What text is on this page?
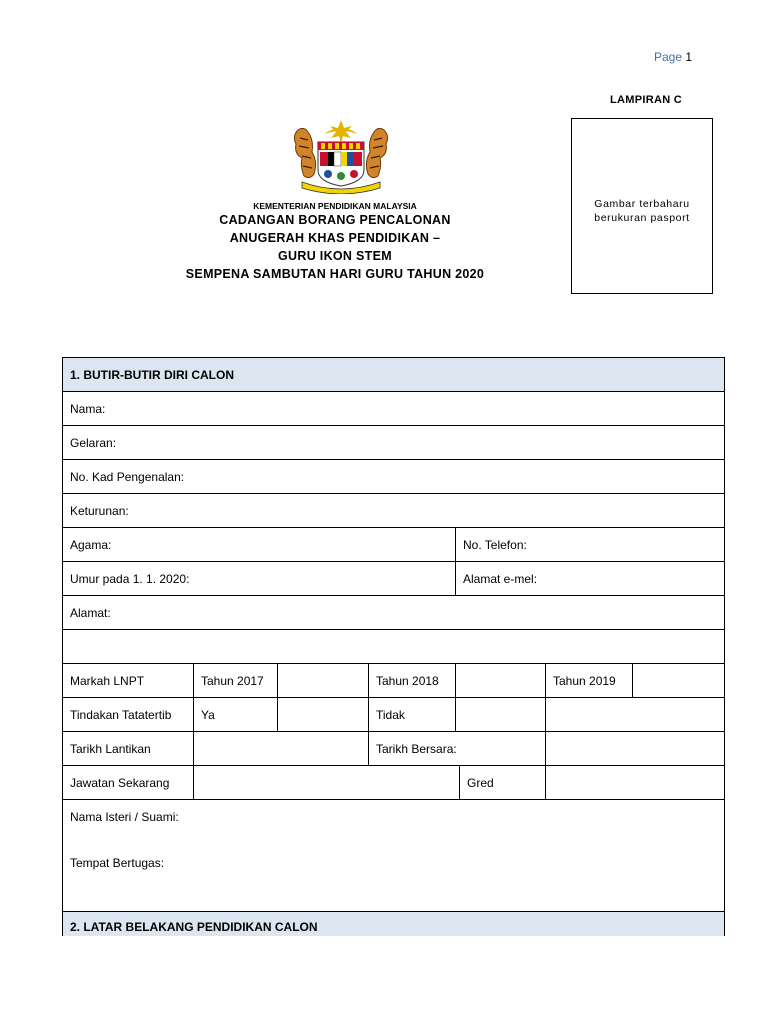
Page 1
LAMPIRAN C
Gambar terbaharu
berukuran pasport
KEMENTERIAN PENDIDIKAN MALAYSIA
CADANGAN BORANG PENCALONAN
ANUGERAH KHAS PENDIDIKAN –
GURU IKON STEM
SEMPENA SAMBUTAN HARI GURU TAHUN 2020
1. BUTIR-BUTIR DIRI CALON							
Nama:							
Gelaran:							
No. Kad Pengenalan:							
Keturunan:							
Agama:				No. Telefon:			
Umur pada 1. 1. 2020:				Alamat e-mel:			
Alamat:							

Markah LNPT	Tahun 2017		Tahun 2018			Tahun 2019	
Tindakan Tatatertib	Ya		Tidak				
Tarikh Lantikan			Tarikh Bersara:				
Jawatan Sekarang					Gred		
Nama Isteri / Suami:
Tempat Bertugas:							

2. LATAR BELAKANG PENDIDIKAN CALON							
